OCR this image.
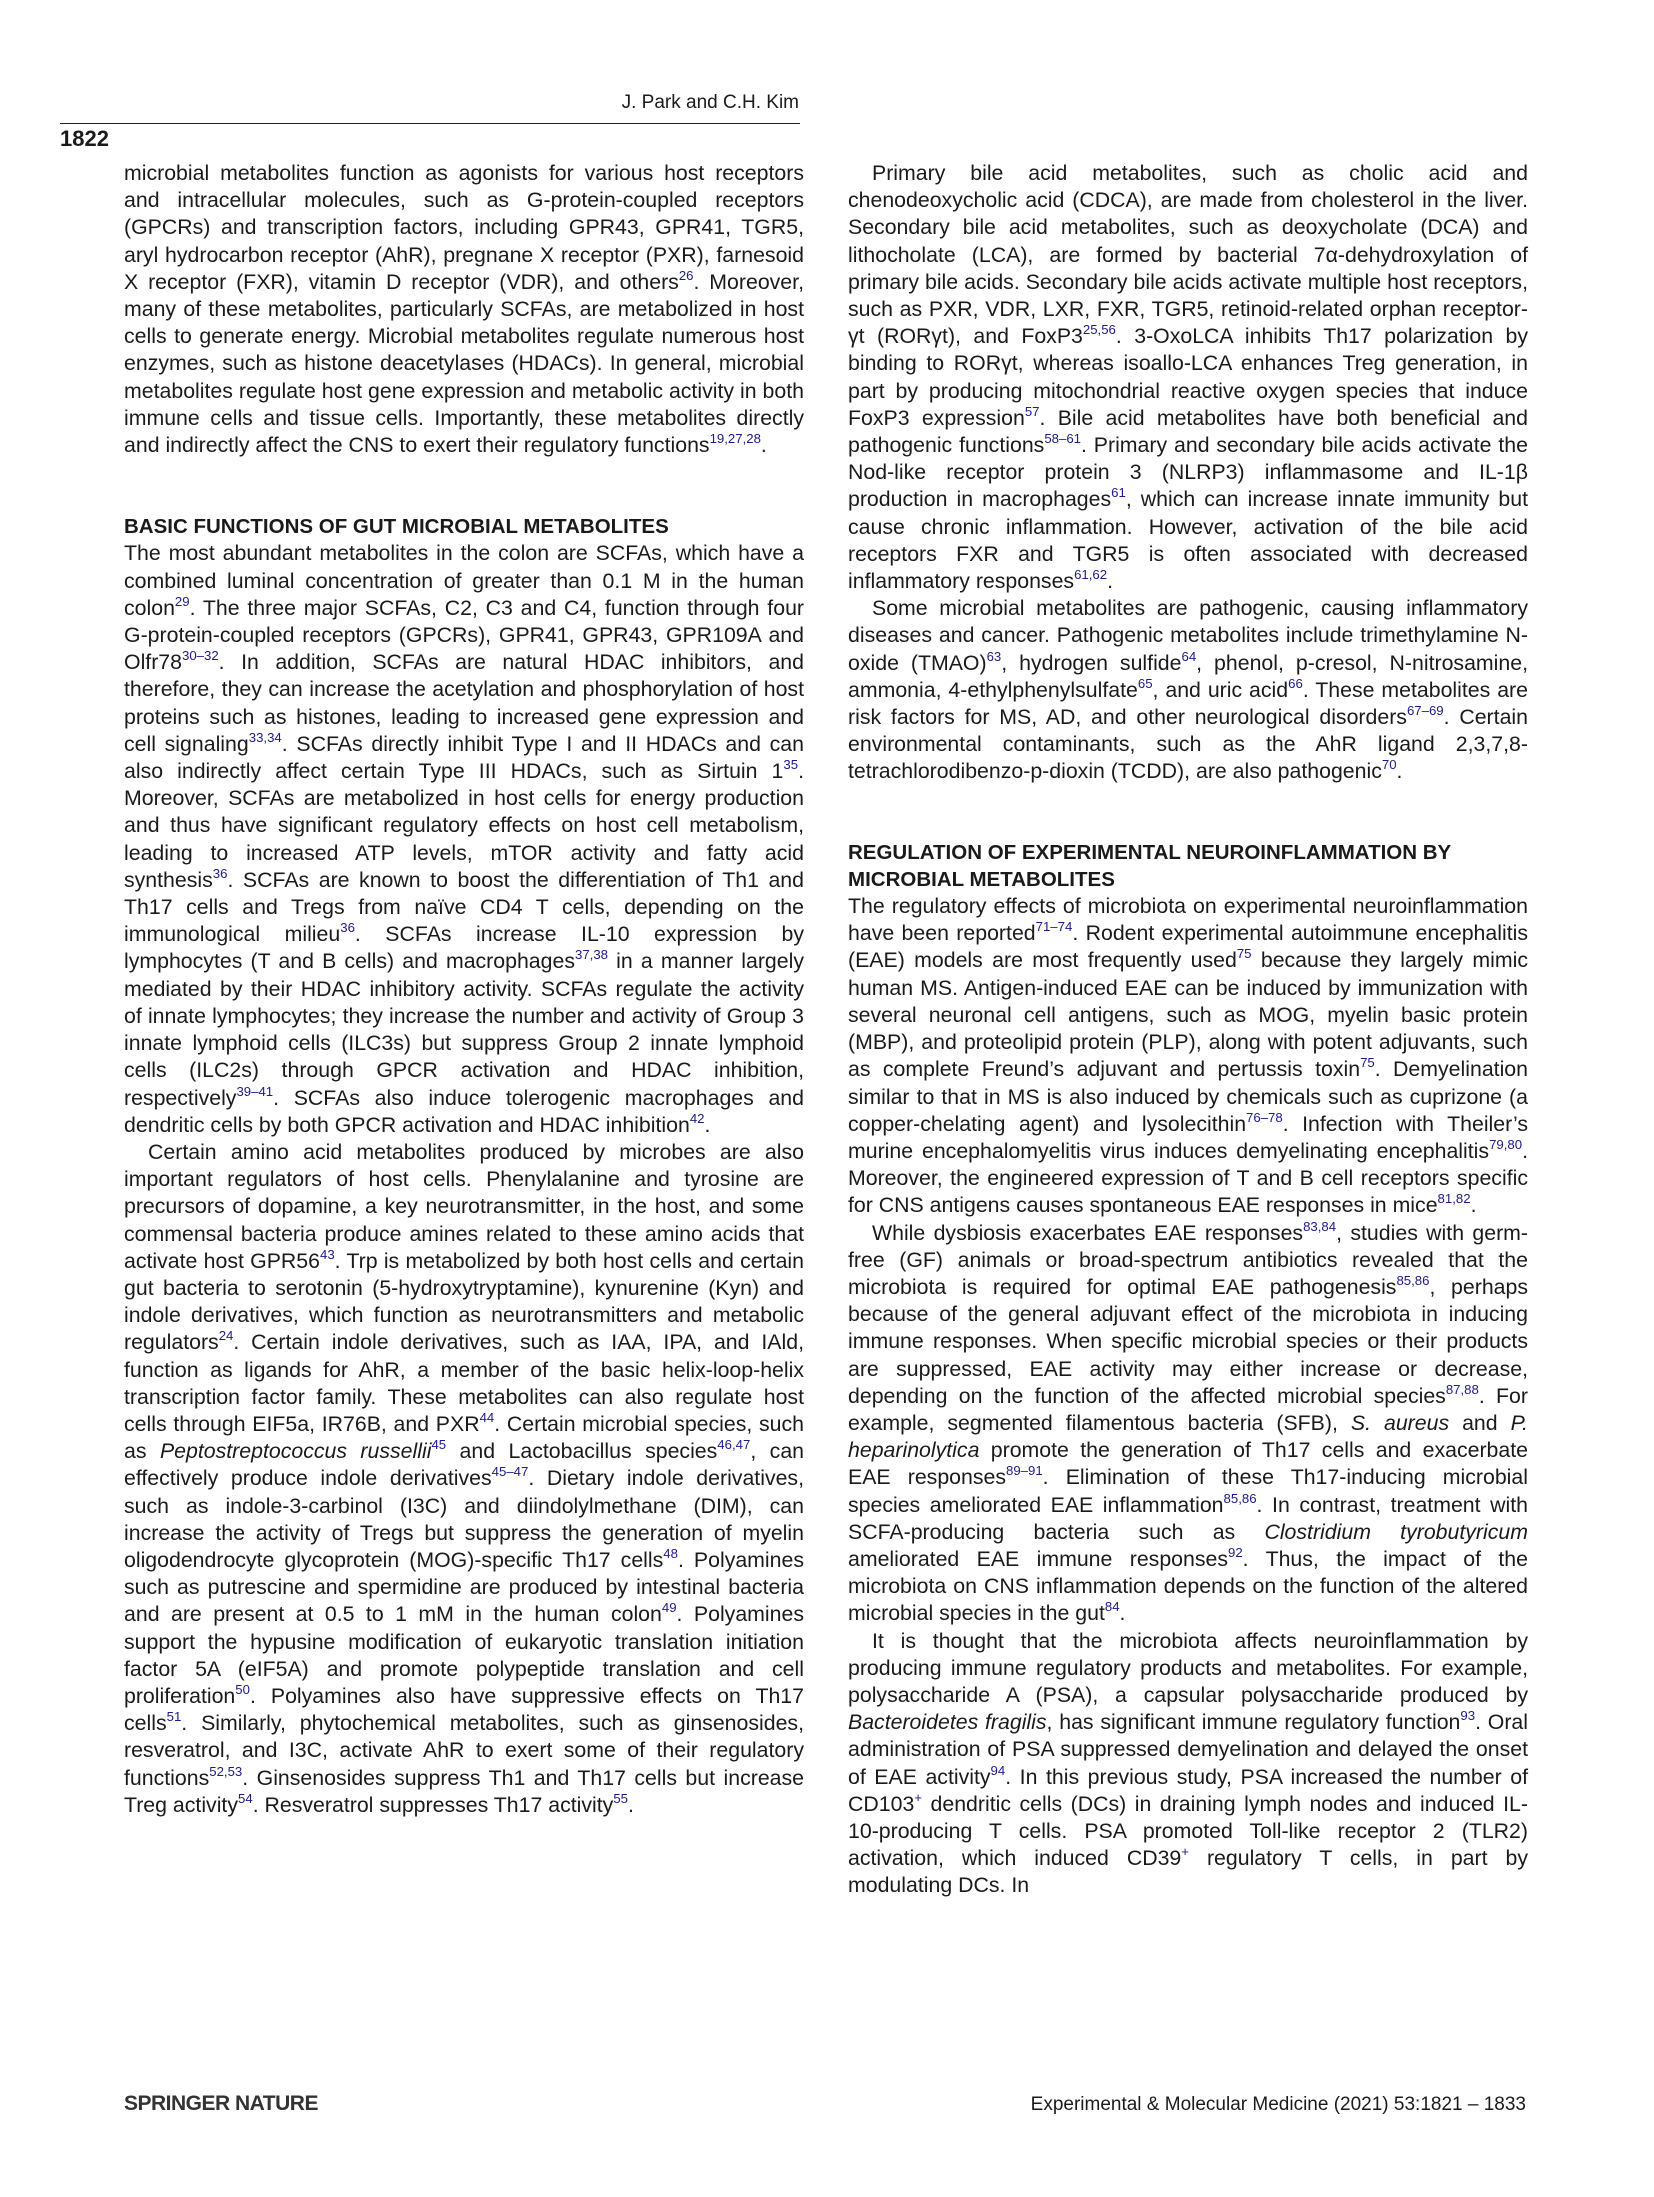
J. Park and C.H. Kim
1822

microbial metabolites function as agonists for various host receptors and intracellular molecules, such as G-protein-coupled receptors (GPCRs) and transcription factors, including GPR43, GPR41, TGR5, aryl hydrocarbon receptor (AhR), pregnane X receptor (PXR), farnesoid X receptor (FXR), vitamin D receptor (VDR), and others$^{26}$. Moreover, many of these metabolites, particularly SCFAs, are metabolized in host cells to generate energy. Microbial metabolites regulate numerous host enzymes, such as histone deacetylases (HDACs). In general, microbial metabolites regulate host gene expression and metabolic activity in both immune cells and tissue cells. Importantly, these metabolites directly and indirectly affect the CNS to exert their regulatory functions$^{19,27,28}$.

BASIC FUNCTIONS OF GUT MICROBIAL METABOLITES

The most abundant metabolites in the colon are SCFAs, which have a combined luminal concentration of greater than 0.1 M in the human colon$^{29}$. The three major SCFAs, C2, C3 and C4, function through four G-protein-coupled receptors (GPCRs), GPR41, GPR43, GPR109A and Olfr78$^{30-32}$. In addition, SCFAs are natural HDAC inhibitors, and therefore, they can increase the acetylation and phosphorylation of host proteins such as histones, leading to increased gene expression and cell signaling$^{33,34}$. SCFAs directly inhibit Type I and II HDACs and can also indirectly affect certain Type III HDACs, such as Sirtuin $1^{35}$. Moreover, SCFAs are metabolized in host cells for energy production and thus have significant regulatory effects on host cell metabolism, leading to increased ATP levels, mTOR activity and fatty acid synthesis$^{36}$. SCFAs are known to boost the differentiation of Th1 and Th17 cells and Tregs from naïve CD4 T cells, depending on the immunological milieu$^{36}$. SCFAs increase IL-10 expression by lymphocytes (T and B cells) and macrophages$^{37,38}$ in a manner largely mediated by their HDAC inhibitory activity. SCFAs regulate the activity of innate lymphocytes; they increase the number and activity of Group 3 innate lymphoid cells (ILC3s) but suppress Group 2 innate lymphoid cells (ILC2s) through GPCR activation and HDAC inhibition, respectively$^{39-41}$. SCFAs also induce tolerogenic macrophages and dendritic cells by both GPCR activation and HDAC inhibition$^{42}$.

Certain amino acid metabolites produced by microbes are also important regulators of host cells. Phenylalanine and tyrosine are precursors of dopamine, a key neurotransmitter, in the host, and some commensal bacteria produce amines related to these amino acids that activate host $GPR56^{43}$. Trp is metabolized by both host cells and certain gut bacteria to serotonin (5-hydroxytryptamine), kynurenine (Kyn) and indole derivatives, which function as neurotransmitters and metabolic regulators$^{24}$. Certain indole derivatives, such as IAA, IPA, and IAld, function as ligands for AhR, a member of the basic helix-loop-helix transcription factor family. These metabolites can also regulate host cells through EIF5a, IR76B, and PXR$^{44}$. Certain microbial species, such as Peptostreptococcus russellii$^{45}$ and Lactobacillus species$^{46,47}$, can effectively produce indole derivatives$^{45-47}$. Dietary indole derivatives, such as indole-3-carbinol (I3C) and diindolylmethane (DIM), can increase the activity of Tregs but suppress the generation of myelin oligodendrocyte glycoprotein (MOG)-specific Th17 cells$^{48}$. Polyamines such as putrescine and spermidine are produced by intestinal bacteria and are present at 0.5 to 1 mM in the human colon$^{49}$. Polyamines support the hypusine modification of eukaryotic translation initiation factor 5A (eIF5A) and promote polypeptide translation and cell proliferation$^{50}$. Polyamines also have suppressive effects on Th17 cells$^{51}$. Similarly, phytochemical metabolites, such as ginsenosides, resveratrol, and I3C, activate AhR to exert some of their regulatory functions$^{52,53}$. Ginsenosides suppress Th1 and Th17 cells but increase Treg activity$^{54}$. Resveratrol suppresses Th17 activity$^{55}$.

Primary bile acid metabolites, such as cholic acid and chenodeoxycholic acid (CDCA), are made from cholesterol in the liver. Secondary bile acid metabolites, such as deoxycholate (DCA) and lithocholate (LCA), are formed by bacterial 7α-dehydroxylation of primary bile acids. Secondary bile acids activate multiple host receptors, such as PXR, VDR, LXR, FXR, TGR5, retinoid-related orphan receptor-γt (RORγt), and FoxP3$^{25,56}$. 3-OxoLCA inhibits Th17 polarization by binding to RORγt, whereas isoallo-LCA enhances Treg generation, in part by producing mitochondrial reactive oxygen species that induce FoxP3 expression$^{57}$. Bile acid metabolites have both beneficial and pathogenic functions$^{58-61}$. Primary and secondary bile acids activate the Nod-like receptor protein 3 (NLRP3) inflammasome and IL-1β production in macrophages$^{61}$, which can increase innate immunity but cause chronic inflammation. However, activation of the bile acid receptors FXR and TGR5 is often associated with decreased inflammatory responses$^{61,62}$.

Some microbial metabolites are pathogenic, causing inflammatory diseases and cancer. Pathogenic metabolites include trimethylamine N-oxide (TMAO)$^{63}$, hydrogen sulfide$^{64}$, phenol, p-cresol, N-nitrosamine, ammonia, 4-ethylphenylsulfate$^{65}$, and uric acid$^{66}$. These metabolites are risk factors for MS, AD, and other neurological disorders$^{67-69}$. Certain environmental contaminants, such as the AhR ligand 2,3,7,8-tetrachlorodibenzo-p-dioxin (TCDD), are also pathogenic$^{70}$.

REGULATION OF EXPERIMENTAL NEUROINFLAMMATION BY MICROBIAL METABOLITES

The regulatory effects of microbiota on experimental neuroinflammation have been reported$^{71-74}$. Rodent experimental autoimmune encephalitis (EAE) models are most frequently used$^{75}$ because they largely mimic human MS. Antigen-induced EAE can be induced by immunization with several neuronal cell antigens, such as MOG, myelin basic protein (MBP), and proteolipid protein (PLP), along with potent adjuvants, such as complete Freund’s adjuvant and pertussis toxin$^{75}$. Demyelination similar to that in MS is also induced by chemicals such as cuprizone (a copper-chelating agent) and lysolecithin$^{76-78}$. Infection with Theiler’s murine encephalomyelitis virus induces demyelinating encephalitis$^{79,80}$. Moreover, the engineered expression of T and B cell receptors specific for CNS antigens causes spontaneous EAE responses in mice$^{81,82}$.

While dysbiosis exacerbates EAE responses$^{83,84}$, studies with germ-free (GF) animals or broad-spectrum antibiotics revealed that the microbiota is required for optimal EAE pathogenesis$^{85,86}$, perhaps because of the general adjuvant effect of the microbiota in inducing immune responses. When specific microbial species or their products are suppressed, EAE activity may either increase or decrease, depending on the function of the affected microbial species$^{87,88}$. For example, segmented filamentous bacteria (SFB), S. aureus and P. heparinolytica promote the generation of Th17 cells and exacerbate EAE responses$^{89-91}$. Elimination of these Th17-inducing microbial species ameliorated EAE inflammation$^{85,86}$. In contrast, treatment with SCFA-producing bacteria such as Clostridium tyrobutyricum ameliorated EAE immune responses$^{92}$. Thus, the impact of the microbiota on CNS inflammation depends on the function of the altered microbial species in the gut$^{84}$.

It is thought that the microbiota affects neuroinflammation by producing immune regulatory products and metabolites. For example, polysaccharide A (PSA), a capsular polysaccharide produced by Bacteroidetes fragilis, has significant immune regulatory function$^{93}$. Oral administration of PSA suppressed demyelination and delayed the onset of EAE activity$^{94}$. In this previous study, PSA increased the number of CD103+ dendritic cells (DCs) in draining lymph nodes and induced IL-10-producing T cells. PSA promoted Toll-like receptor 2 (TLR2) activation, which induced CD39+ regulatory T cells, in part by modulating DCs. In

SPRINGER NATURE	Experimental & Molecular Medicine (2021) 53:1821 – 1833
